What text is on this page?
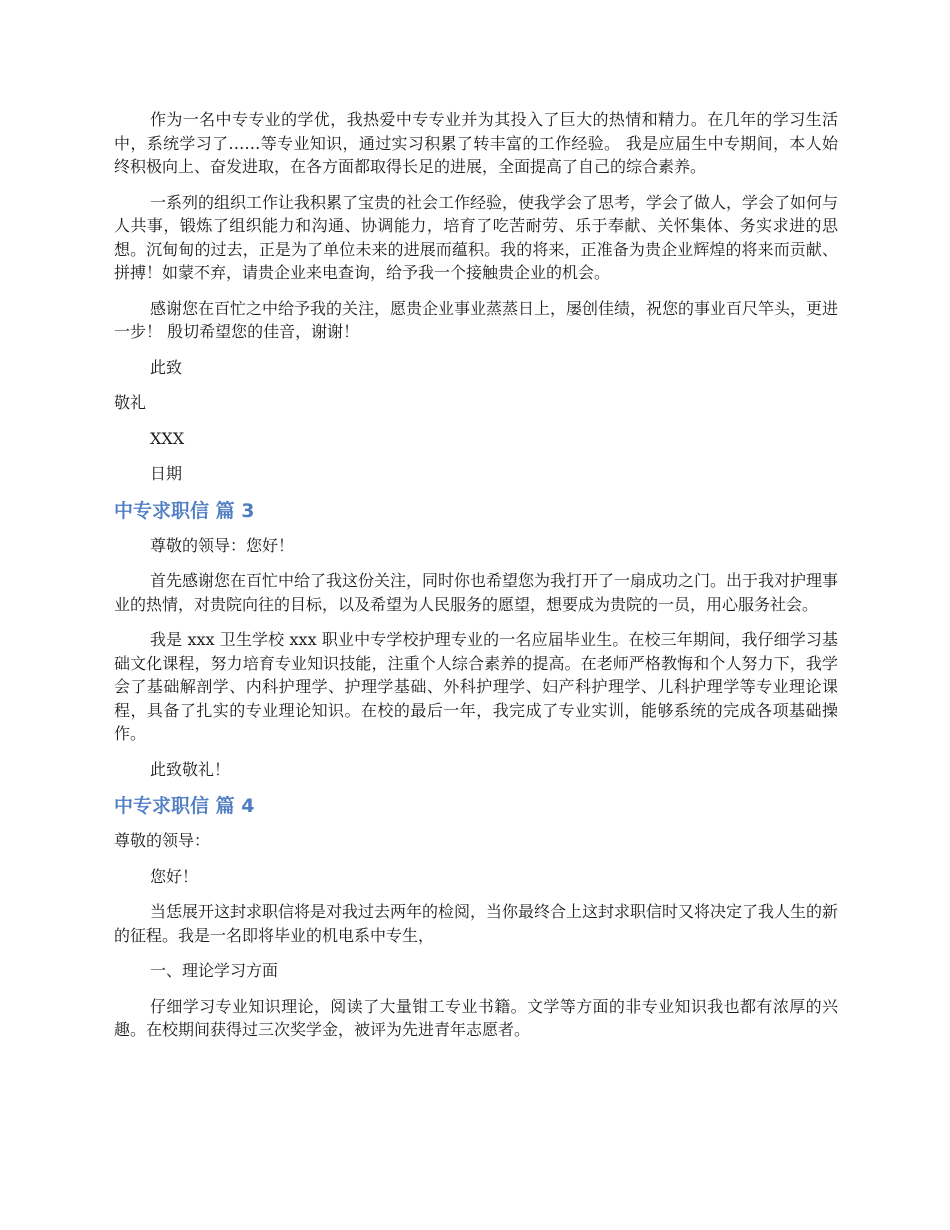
作为一名中专专业的学优，我热爱中专专业并为其投入了巨大的热情和精力。在几年的学习生活中，系统学习了……等专业知识，通过实习积累了转丰富的工作经验。 我是应届生中专期间，本人始终积极向上、奋发进取，在各方面都取得长足的进展，全面提高了自己的综合素养。

一系列的组织工作让我积累了宝贵的社会工作经验，使我学会了思考，学会了做人，学会了如何与人共事，锻炼了组织能力和沟通、协调能力，培育了吃苦耐劳、乐于奉献、关怀集体、务实求进的思想。沉甸甸的过去，正是为了单位未来的进展而蕴积。我的将来，正准备为贵企业辉煌的将来而贡献、拼搏！如蒙不弃，请贵企业来电查询，给予我一个接触贵企业的机会。

感谢您在百忙之中给予我的关注，愿贵企业事业蒸蒸日上，屡创佳绩，祝您的事业百尺竿头，更进一步！ 殷切希望您的佳音，谢谢！

此致

敬礼

XXX

日期

中专求职信 篇 3

尊敬的领导：您好！

首先感谢您在百忙中给了我这份关注，同时你也希望您为我打开了一扇成功之门。出于我对护理事业的热情，对贵院向往的目标，以及希望为人民服务的愿望，想要成为贵院的一员，用心服务社会。

我是 xxx 卫生学校 xxx 职业中专学校护理专业的一名应届毕业生。在校三年期间，我仔细学习基础文化课程，努力培育专业知识技能，注重个人综合素养的提高。在老师严格教悔和个人努力下，我学会了基础解剖学、内科护理学、护理学基础、外科护理学、妇产科护理学、儿科护理学等专业理论课程，具备了扎实的专业理论知识。在校的最后一年，我完成了专业实训，能够系统的完成各项基础操作。

此致敬礼！

中专求职信 篇 4

尊敬的领导：

您好！

当恁展开这封求职信将是对我过去两年的检阅，当你最终合上这封求职信时又将决定了我人生的新的征程。我是一名即将毕业的机电系中专生，

一、理论学习方面

仔细学习专业知识理论，阅读了大量钳工专业书籍。文学等方面的非专业知识我也都有浓厚的兴趣。在校期间获得过三次奖学金，被评为先进青年志愿者。
